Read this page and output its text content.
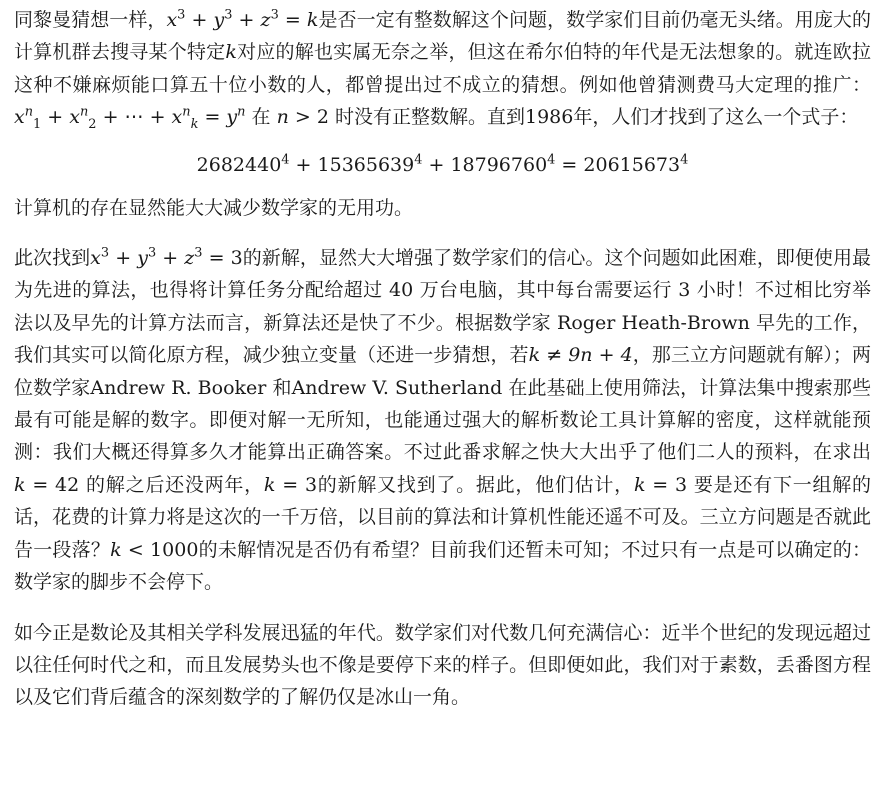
同黎曼猜想一样，$x^3 + y^3 + z^3 = k$是否一定有整数解这个问题，数学家们目前仍毫无头绪。用庞大的计算机群去搜寻某个特定k对应的解也实属无奈之举，但这在希尔伯特的年代是无法想象的。就连欧拉这种不嫌麻烦能口算五十位小数的人，都曾提出过不成立的猜想。例如他曾猜测费马大定理的推广：$x^n_1 + x^n_2$ + ⋯ + $x^n_k = y^n$ 在 n > 2 时没有正整数解。直到1986年，人们才找到了这么一个式子：

$2682440^4 + 15365639^4 + 18796760^4 = 20615673^4$

计算机的存在显然能大大减少数学家的无用功。

此次找到$x^3 + y^3 + z^3 = 3$的新解，显然大大增强了数学家们的信心。这个问题如此困难，即便使用最为先进的算法，也得将计算任务分配给超过 40 万台电脑，其中每台需要运行 3 小时！不过相比穷举法以及早先的计算方法而言，新算法还是快了不少。根据数学家 Roger Heath-Brown 早先的工作，我们其实可以简化原方程，减少独立变量（还进一步猜想，若k ≠ 9n + 4，那三立方问题就有解）；两位数学家Andrew R. Booker 和Andrew V. Sutherland 在此基础上使用筛法，计算法集中搜索那些最有可能是解的数字。即便对解一无所知，也能通过强大的解析数论工具计算解的密度，这样就能预测：我们大概还得算多久才能算出正确答案。不过此番求解之快大大出乎了他们二人的预料，在求出 k = 42 的解之后还没两年，k = 3的新解又找到了。据此，他们估计，k = 3 要是还有下一组解的话，花费的计算力将是这次的一千万倍，以目前的算法和计算机性能还遥不可及。三立方问题是否就此告一段落？k < 1000的未解情况是否仍有希望？目前我们还暂未可知；不过只有一点是可以确定的：数学家的脚步不会停下。

如今正是数论及其相关学科发展迅猛的年代。数学家们对代数几何充满信心：近半个世纪的发现远超过以往任何时代之和，而且发展势头也不像是要停下来的样子。但即便如此，我们对于素数，丢番图方程以及它们背后蕴含的深刻数学的了解仍仅是冰山一角。
